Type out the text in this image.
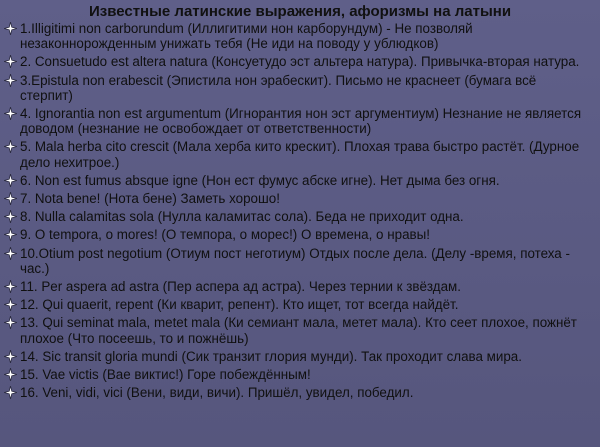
Известные латинские выражения, афоризмы на латыни
1.Illigitimi non carborundum (Иллигитими нон карборундум) - Не позволяй незаконнорожденным унижать тебя (Не иди на поводу у ублюдков)
2. Consuetudo est altera natura (Консуетудо эст альтера натура). Привычка-вторая натура.
3.Epistula non erabescit (Эпистила нон эрабескит). Письмо не краснеет (бумага всё стерпит)
4. Ignorantia non est argumentum (Игнорантия нон эст аргументиум) Незнание не является доводом (незнание не освобождает от ответственности)
5. Mala herba cito crescit (Мала херба кито крескит). Плохая трава быстро растёт. (Дурное дело нехитрое.)
6. Non est fumus absque igne (Нон ест фумус абске игне). Нет дыма без огня.
7. Nota bene! (Нота бене) Заметь хорошо!
8. Nulla calamitas sola (Нулла каламитас сола). Беда не приходит одна.
9. O tempora, o mores! (О темпора, о морес!) О времена, о нравы!
10.Otium post negotium (Отиум пост неготиум) Отдых после дела. (Делу -время, потеха - час.)
11. Per aspera ad astra (Пер аспера ад астра). Через тернии к звёздам.
12. Qui quaerit, repent (Ки кварит, репент). Кто ищет, тот всегда найдёт.
13. Qui seminat mala, metet mala (Ки семиант мала, метет мала). Кто сеет плохое, пожнёт плохое (Что посеешь, то и пожнёшь)
14. Sic transit gloria mundi (Сик транзит глория мунди). Так проходит слава мира.
15. Vae victis (Вае виктис!) Горе побеждённым!
16. Veni, vidi, vici (Вени, види, вичи). Пришёл, увидел, победил.
